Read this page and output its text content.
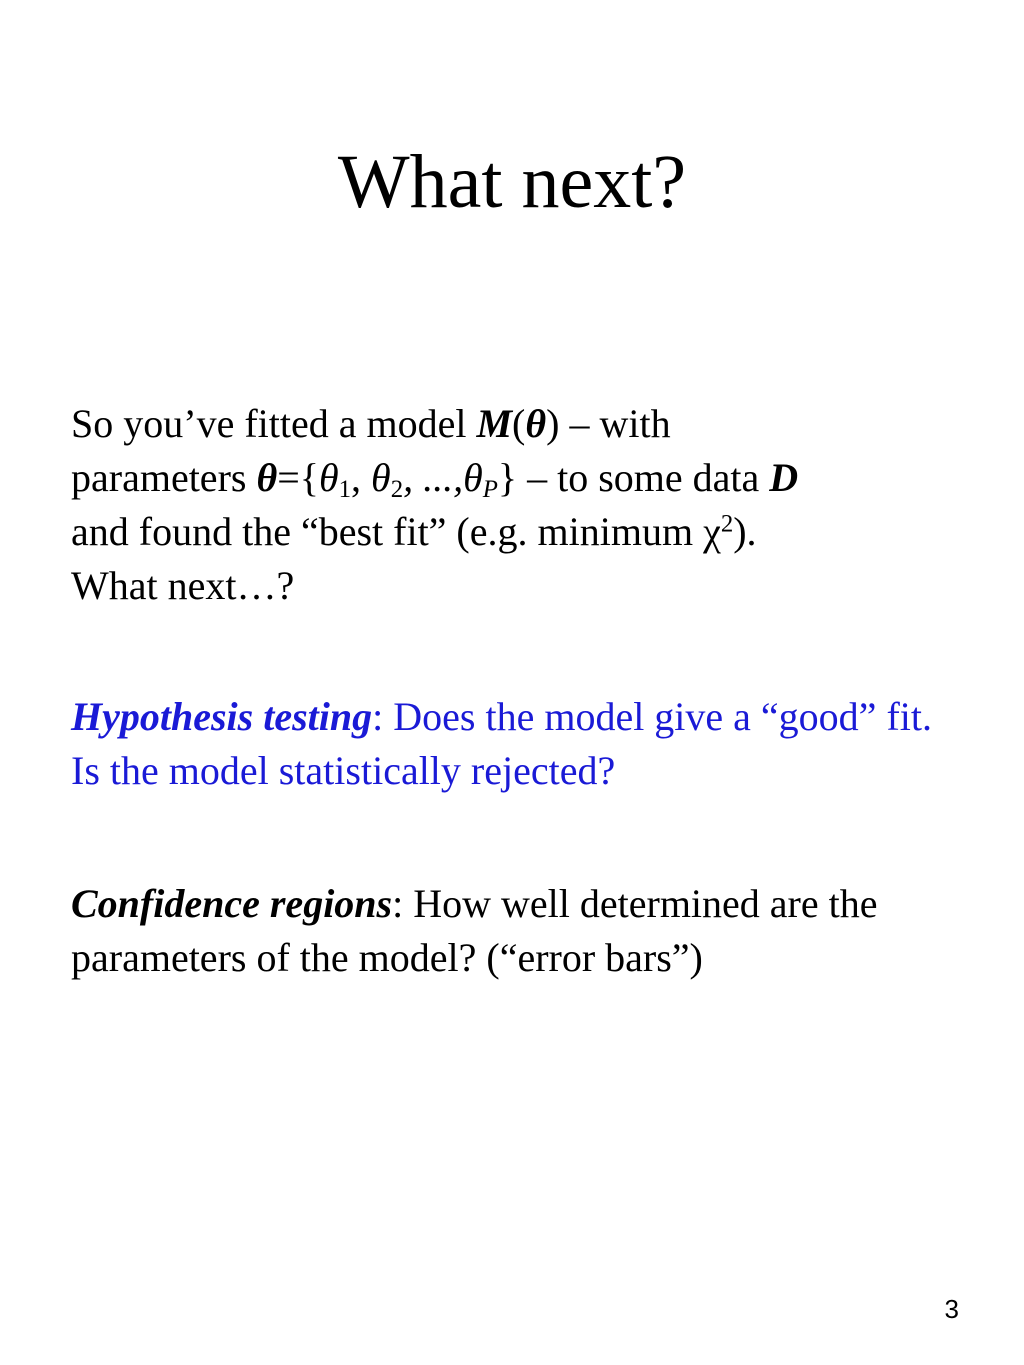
What next?

So you’ve fitted a model M(θ) – with
parameters $\theta=\{\theta_1$, $\theta_2$, $...,\theta_P$} – to some data D
and found the “best fit” (e.g. minimum $\chi^2$).
What next…?

Hypothesis testing: Does the model give a “good” fit. Is the model statistically rejected?

Confidence regions: How well determined are the parameters of the model? (“error bars”)

3
